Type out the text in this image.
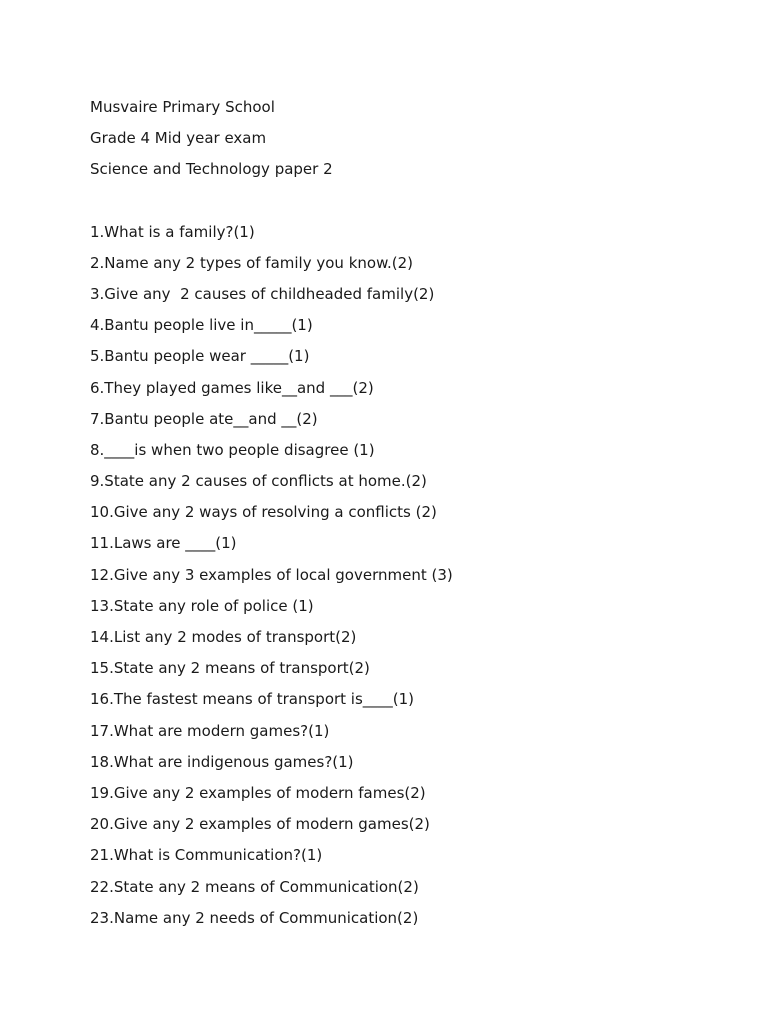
Musvaire Primary School
Grade 4 Mid year exam
Science and Technology paper 2
1.What is a family?(1)
2.Name any 2 types of family you know.(2)
3.Give any  2 causes of childheaded family(2)
4.Bantu people live in_____(1)
5.Bantu people wear _____(1)
6.They played games like__and ___(2)
7.Bantu people ate__and __(2)
8.____is when two people disagree (1)
9.State any 2 causes of conflicts at home.(2)
10.Give any 2 ways of resolving a conflicts (2)
11.Laws are ____(1)
12.Give any 3 examples of local government (3)
13.State any role of police (1)
14.List any 2 modes of transport(2)
15.State any 2 means of transport(2)
16.The fastest means of transport is____(1)
17.What are modern games?(1)
18.What are indigenous games?(1)
19.Give any 2 examples of modern fames(2)
20.Give any 2 examples of modern games(2)
21.What is Communication?(1)
22.State any 2 means of Communication(2)
23.Name any 2 needs of Communication(2)
